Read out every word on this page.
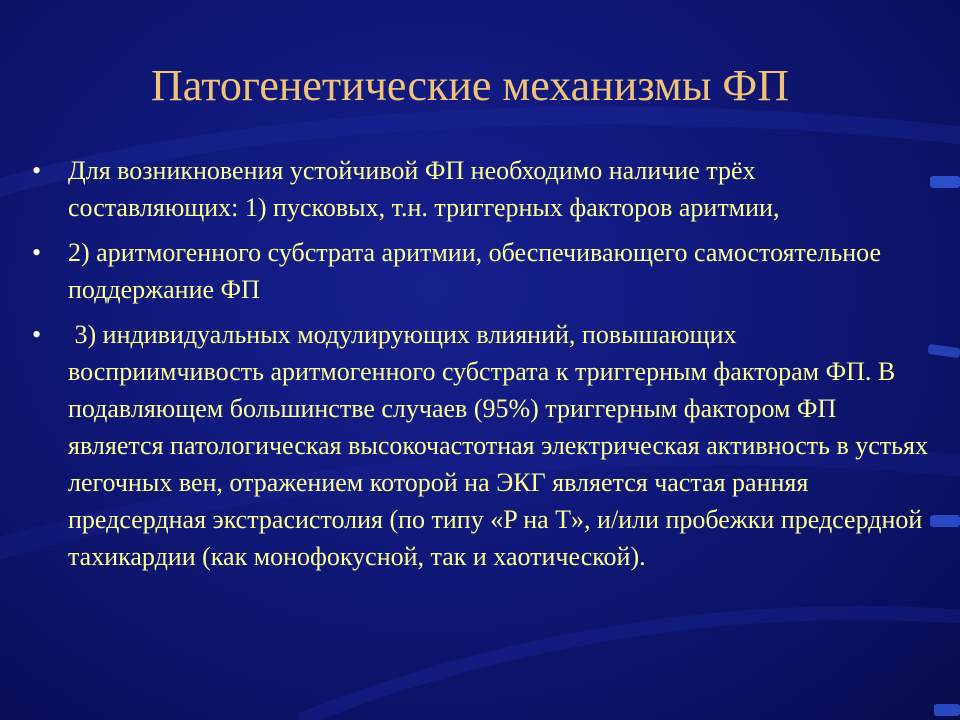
Патогенетические механизмы ФП
• Для возникновения устойчивой ФП необходимо наличие трёх составляющих: 1) пусковых, т.н. триггерных факторов аритмии,
• 2) аритмогенного субстрата аритмии, обеспечивающего самостоятельное поддержание ФП
• 3) индивидуальных модулирующих влияний, повышающих восприимчивость аритмогенного субстрата к триггерным факторам ФП. В подавляющем большинстве случаев (95%) триггерным фактором ФП является патологическая высокочастотная электрическая активность в устьях легочных вен, отражением которой на ЭКГ является частая ранняя предсердная экстрасистолия (по типу «P на T», и/или пробежки предсердной тахикардии (как монофокусной, так и хаотической).
